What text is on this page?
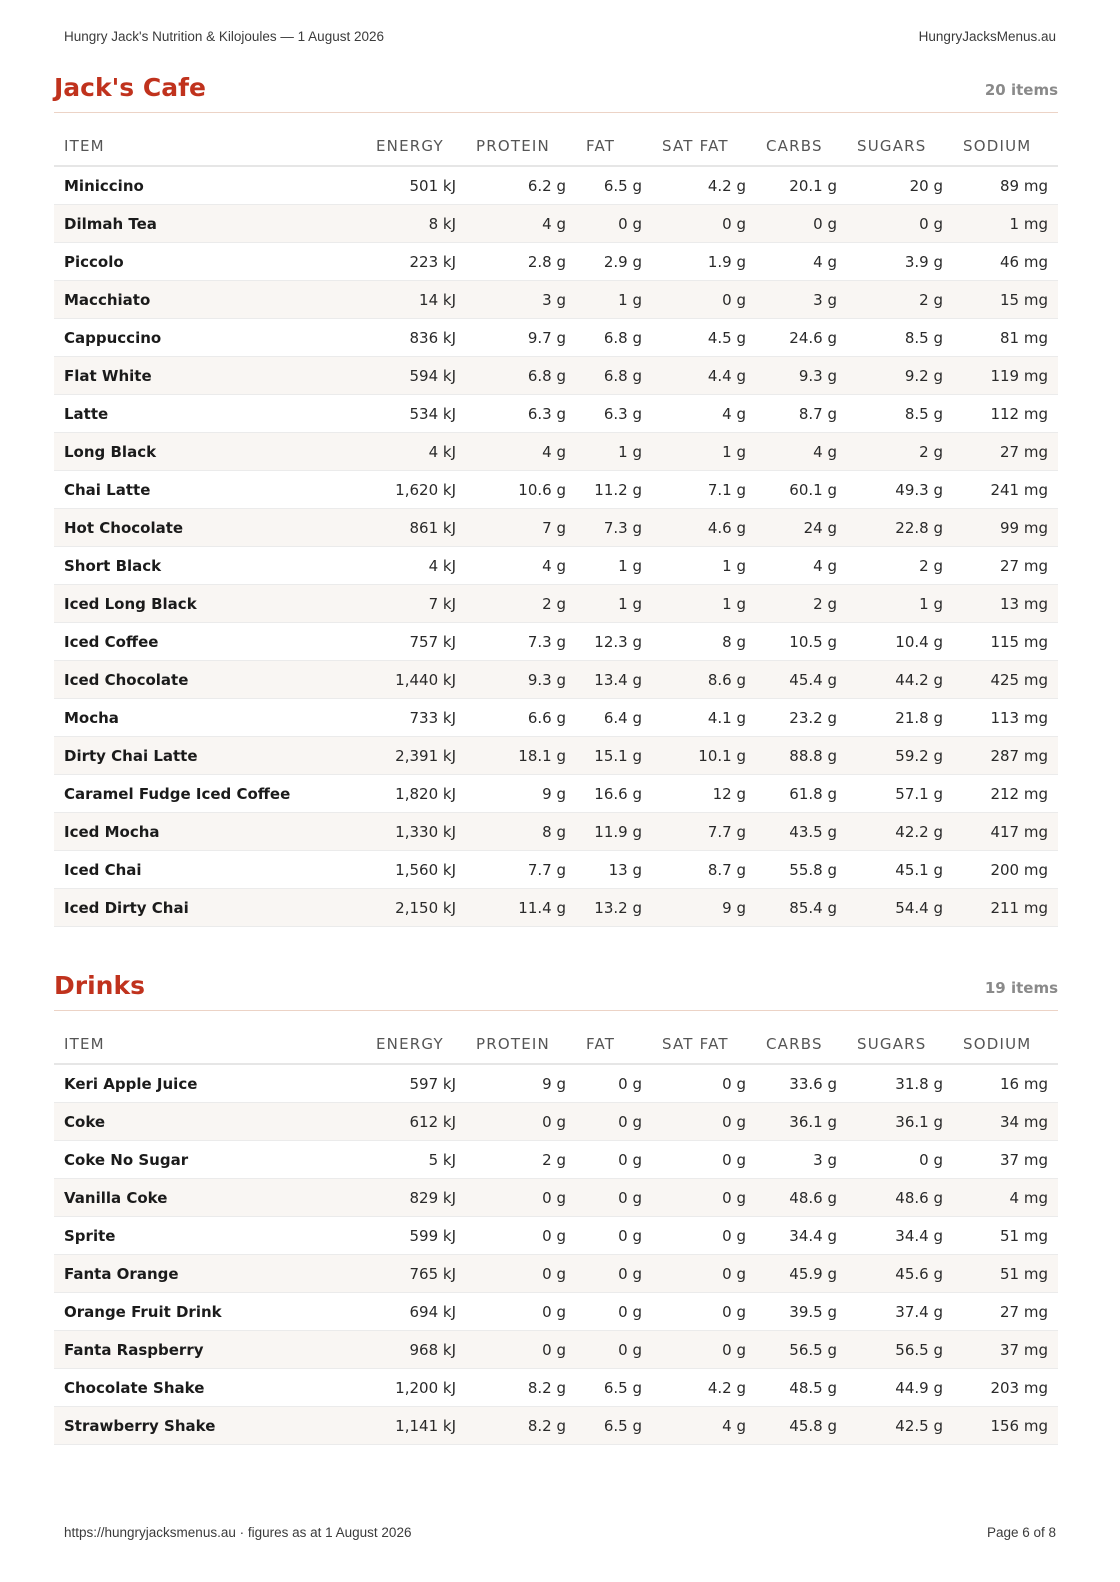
Hungry Jack's Nutrition & Kilojoules — 1 August 2026	HungryJacksMenus.au
Jack's Cafe	20 items
ITEM	ENERGY	PROTEIN	FAT	SAT FAT	CARBS	SUGARS	SODIUM
Miniccino	501 kJ	6.2 g	6.5 g	4.2 g	20.1 g	20 g	89 mg
Dilmah Tea	8 kJ	4 g	0 g	0 g	0 g	0 g	1 mg
Piccolo	223 kJ	2.8 g	2.9 g	1.9 g	4 g	3.9 g	46 mg
Macchiato	14 kJ	3 g	1 g	0 g	3 g	2 g	15 mg
Cappuccino	836 kJ	9.7 g	6.8 g	4.5 g	24.6 g	8.5 g	81 mg
Flat White	594 kJ	6.8 g	6.8 g	4.4 g	9.3 g	9.2 g	119 mg
Latte	534 kJ	6.3 g	6.3 g	4 g	8.7 g	8.5 g	112 mg
Long Black	4 kJ	4 g	1 g	1 g	4 g	2 g	27 mg
Chai Latte	1,620 kJ	10.6 g	11.2 g	7.1 g	60.1 g	49.3 g	241 mg
Hot Chocolate	861 kJ	7 g	7.3 g	4.6 g	24 g	22.8 g	99 mg
Short Black	4 kJ	4 g	1 g	1 g	4 g	2 g	27 mg
Iced Long Black	7 kJ	2 g	1 g	1 g	2 g	1 g	13 mg
Iced Coffee	757 kJ	7.3 g	12.3 g	8 g	10.5 g	10.4 g	115 mg
Iced Chocolate	1,440 kJ	9.3 g	13.4 g	8.6 g	45.4 g	44.2 g	425 mg
Mocha	733 kJ	6.6 g	6.4 g	4.1 g	23.2 g	21.8 g	113 mg
Dirty Chai Latte	2,391 kJ	18.1 g	15.1 g	10.1 g	88.8 g	59.2 g	287 mg
Caramel Fudge Iced Coffee	1,820 kJ	9 g	16.6 g	12 g	61.8 g	57.1 g	212 mg
Iced Mocha	1,330 kJ	8 g	11.9 g	7.7 g	43.5 g	42.2 g	417 mg
Iced Chai	1,560 kJ	7.7 g	13 g	8.7 g	55.8 g	45.1 g	200 mg
Iced Dirty Chai	2,150 kJ	11.4 g	13.2 g	9 g	85.4 g	54.4 g	211 mg
Drinks	19 items
ITEM	ENERGY	PROTEIN	FAT	SAT FAT	CARBS	SUGARS	SODIUM
Keri Apple Juice	597 kJ	9 g	0 g	0 g	33.6 g	31.8 g	16 mg
Coke	612 kJ	0 g	0 g	0 g	36.1 g	36.1 g	34 mg
Coke No Sugar	5 kJ	2 g	0 g	0 g	3 g	0 g	37 mg
Vanilla Coke	829 kJ	0 g	0 g	0 g	48.6 g	48.6 g	4 mg
Sprite	599 kJ	0 g	0 g	0 g	34.4 g	34.4 g	51 mg
Fanta Orange	765 kJ	0 g	0 g	0 g	45.9 g	45.6 g	51 mg
Orange Fruit Drink	694 kJ	0 g	0 g	0 g	39.5 g	37.4 g	27 mg
Fanta Raspberry	968 kJ	0 g	0 g	0 g	56.5 g	56.5 g	37 mg
Chocolate Shake	1,200 kJ	8.2 g	6.5 g	4.2 g	48.5 g	44.9 g	203 mg
Strawberry Shake	1,141 kJ	8.2 g	6.5 g	4 g	45.8 g	42.5 g	156 mg
https://hungryjacksmenus.au · figures as at 1 August 2026	Page 6 of 8
